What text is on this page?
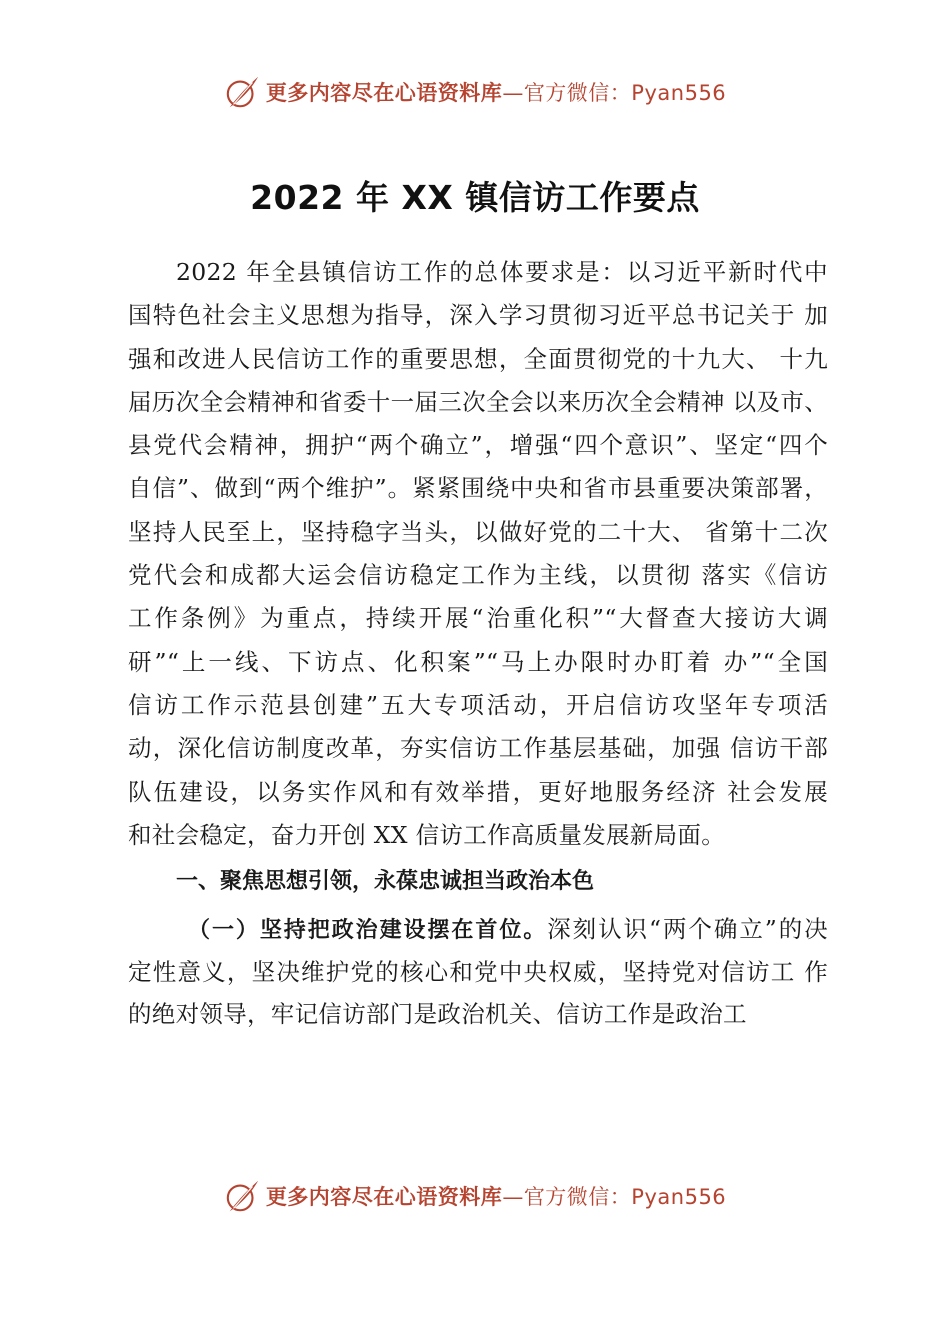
更多内容尽在心语资料库 —官方微信：Pyan556
2022 年 XX 镇信访工作要点
2022 年全县镇信访工作的总体要求是：以习近平新时代中
国特色社会主义思想为指导，深入学习贯彻习近平总书记关于 加
强和改进人民信访工作的重要思想，全面贯彻党的十九大、 十九
届历次全会精神和省委十一届三次全会以来历次全会精神 以及市、
县党代会精神，拥护“两个确立”，增强“四个意识”、坚定“四个
自信”、做到“两个维护”。紧紧围绕中央和省市县重要决策部署，
坚持人民至上，坚持稳字当头，以做好党的二十大、 省第十二次
党代会和成都大运会信访稳定工作为主线，以贯彻 落实《信访
工作条例》为重点，持续开展“治重化积”“大督查大接访大调
研”“上一线、下访点、化积案”“马上办限时办盯着 办”“全国
信访工作示范县创建”五大专项活动，开启信访攻坚年专项活
动，深化信访制度改革，夯实信访工作基层基础，加强 信访干部
队伍建设，以务实作风和有效举措，更好地服务经济 社会发展
和社会稳定，奋力开创 XX 信访工作高质量发展新局面。
一、聚焦思想引领，永葆忠诚担当政治本色
（一）坚持把政治建设摆在首位。深刻认识“两个确立”的决
定性意义，坚决维护党的核心和党中央权威，坚持党对信访工 作
的绝对领导，牢记信访部门是政治机关、信访工作是政治工
更多内容尽在心语资料库 —官方微信：Pyan556
